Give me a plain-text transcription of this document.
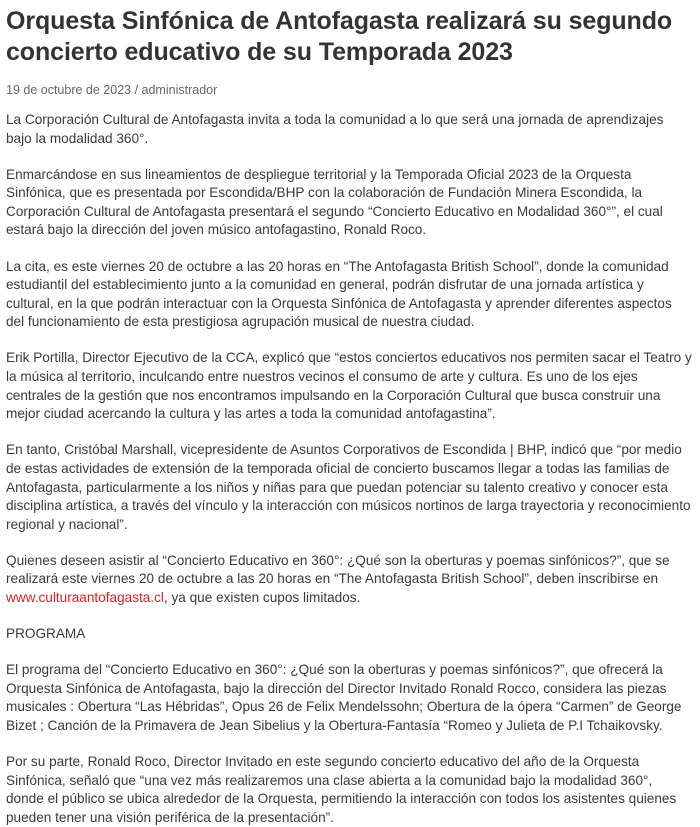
Orquesta Sinfónica de Antofagasta realizará su segundo concierto educativo de su Temporada 2023
19 de octubre de 2023 / administrador

La Corporación Cultural de Antofagasta invita a toda la comunidad a lo que será una jornada de aprendizajes bajo la modalidad 360°.

Enmarcándose en sus lineamientos de despliegue territorial y la Temporada Oficial 2023 de la Orquesta Sinfónica, que es presentada por Escondida/BHP con la colaboración de Fundación Minera Escondida, la Corporación Cultural de Antofagasta presentará el segundo “Concierto Educativo en Modalidad 360°”, el cual estará bajo la dirección del joven músico antofagastino, Ronald Roco.

La cita, es este viernes 20 de octubre a las 20 horas en “The Antofagasta British School”, donde la comunidad estudiantil del establecimiento junto a la comunidad en general, podrán disfrutar de una jornada artística y cultural, en la que podrán interactuar con la Orquesta Sinfónica de Antofagasta y aprender diferentes aspectos del funcionamiento de esta prestigiosa agrupación musical de nuestra ciudad.

Erik Portilla, Director Ejecutivo de la CCA, explicó que “estos conciertos educativos nos permiten sacar el Teatro y la música al territorio, inculcando entre nuestros vecinos el consumo de arte y cultura. Es uno de los ejes centrales de la gestión que nos encontramos impulsando en la Corporación Cultural que busca construir una mejor ciudad acercando la cultura y las artes a toda la comunidad antofagastina”.

En tanto, Cristóbal Marshall, vicepresidente de Asuntos Corporativos de Escondida | BHP, indicó que “por medio de estas actividades de extensión de la temporada oficial de concierto buscamos llegar a todas las familias de Antofagasta, particularmente a los niños y niñas para que puedan potenciar su talento creativo y conocer esta disciplina artística, a través del vínculo y la interacción con músicos nortinos de larga trayectoria y reconocimiento regional y nacional”.

Quienes deseen asistir al “Concierto Educativo en 360°: ¿Qué son la oberturas y poemas sinfónicos?”, que se realizará este viernes 20 de octubre a las 20 horas en “The Antofagasta British School”, deben inscribirse en www.culturaantofagasta.cl, ya que existen cupos limitados.

PROGRAMA

El programa del “Concierto Educativo en 360°: ¿Qué son la oberturas y poemas sinfónicos?”, que ofrecerá la Orquesta Sinfónica de Antofagasta, bajo la dirección del Director Invitado Ronald Rocco, considera las piezas musicales : Obertura “Las Hébridas”, Opus 26 de Felix Mendelssohn; Obertura de la ópera “Carmen” de George Bizet ; Canción de la Primavera de Jean Sibelius y la Obertura-Fantasía “Romeo y Julieta de P.I Tchaikovsky.

Por su parte, Ronald Roco, Director Invitado en este segundo concierto educativo del año de la Orquesta Sinfónica, señaló que “una vez más realizaremos una clase abierta a la comunidad bajo la modalidad 360°, donde el público se ubica alrededor de la Orquesta, permitiendo la interacción con todos los asistentes quienes pueden tener una visión periférica de la presentación”.
